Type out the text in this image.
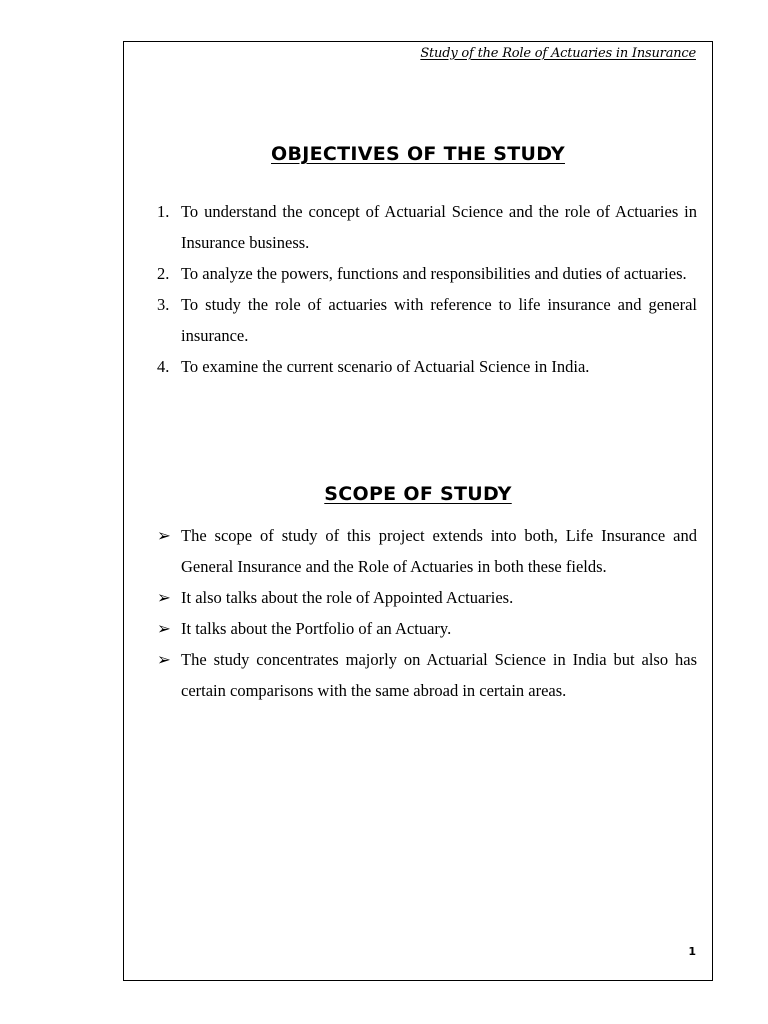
Study of the Role of Actuaries in Insurance
OBJECTIVES OF THE STUDY
1. To understand the concept of Actuarial Science and the role of Actuaries in Insurance business.
2. To analyze the powers, functions and responsibilities and duties of actuaries.
3. To study the role of actuaries with reference to life insurance and general insurance.
4. To examine the current scenario of Actuarial Science in India.
SCOPE OF STUDY
➢ The scope of study of this project extends into both, Life Insurance and General Insurance and the Role of Actuaries in both these fields.
➢ It also talks about the role of Appointed Actuaries.
➢ It talks about the Portfolio of an Actuary.
➢ The study concentrates majorly on Actuarial Science in India but also has certain comparisons with the same abroad in certain areas.
1
